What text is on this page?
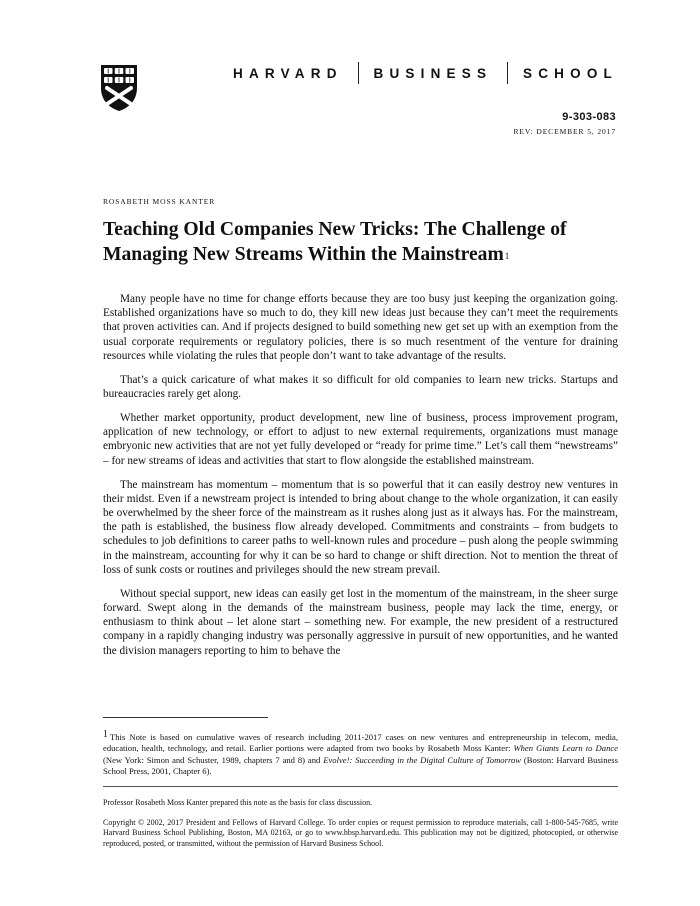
HARVARD BUSINESS SCHOOL
9-303-083
REV: DECEMBER 5, 2017
ROSABETH MOSS KANTER
Teaching Old Companies New Tricks: The Challenge of Managing New Streams Within the Mainstream$^1$

Many people have no time for change efforts because they are too busy just keeping the organization going. Established organizations have so much to do, they kill new ideas just because they can’t meet the requirements that proven activities can. And if projects designed to build something new get set up with an exemption from the usual corporate requirements or regulatory policies, there is so much resentment of the venture for draining resources while violating the rules that people don’t want to take advantage of the results.

That’s a quick caricature of what makes it so difficult for old companies to learn new tricks. Startups and bureaucracies rarely get along.

Whether market opportunity, product development, new line of business, process improvement program, application of new technology, or effort to adjust to new external requirements, organizations must manage embryonic new activities that are not yet fully developed or “ready for prime time.” Let’s call them “newstreams” – for new streams of ideas and activities that start to flow alongside the established mainstream.

The mainstream has momentum – momentum that is so powerful that it can easily destroy new ventures in their midst. Even if a newstream project is intended to bring about change to the whole organization, it can easily be overwhelmed by the sheer force of the mainstream as it rushes along just as it always has. For the mainstream, the path is established, the business flow already developed. Commitments and constraints – from budgets to schedules to job definitions to career paths to well-known rules and procedure – push along the people swimming in the mainstream, accounting for why it can be so hard to change or shift direction. Not to mention the threat of loss of sunk costs or routines and privileges should the new stream prevail.

Without special support, new ideas can easily get lost in the momentum of the mainstream, in the sheer surge forward. Swept along in the demands of the mainstream business, people may lack the time, energy, or enthusiasm to think about – let alone start – something new. For example, the new president of a restructured company in a rapidly changing industry was personally aggressive in pursuit of new opportunities, and he wanted the division managers reporting to him to behave the

1 This Note is based on cumulative waves of research including 2011-2017 cases on new ventures and entrepreneurship in telecom, media, education, health, technology, and retail. Earlier portions were adapted from two books by Rosabeth Moss Kanter: When Giants Learn to Dance (New York: Simon and Schuster, 1989, chapters 7 and 8) and Evolve!: Succeeding in the Digital Culture of Tomorrow (Boston: Harvard Business School Press, 2001, Chapter 6).
Professor Rosabeth Moss Kanter prepared this note as the basis for class discussion.
Copyright © 2002, 2017 President and Fellows of Harvard College. To order copies or request permission to reproduce materials, call 1-800-545-7685, write Harvard Business School Publishing, Boston, MA 02163, or go to www.hbsp.harvard.edu. This publication may not be digitized, photocopied, or otherwise reproduced, posted, or transmitted, without the permission of Harvard Business School.
